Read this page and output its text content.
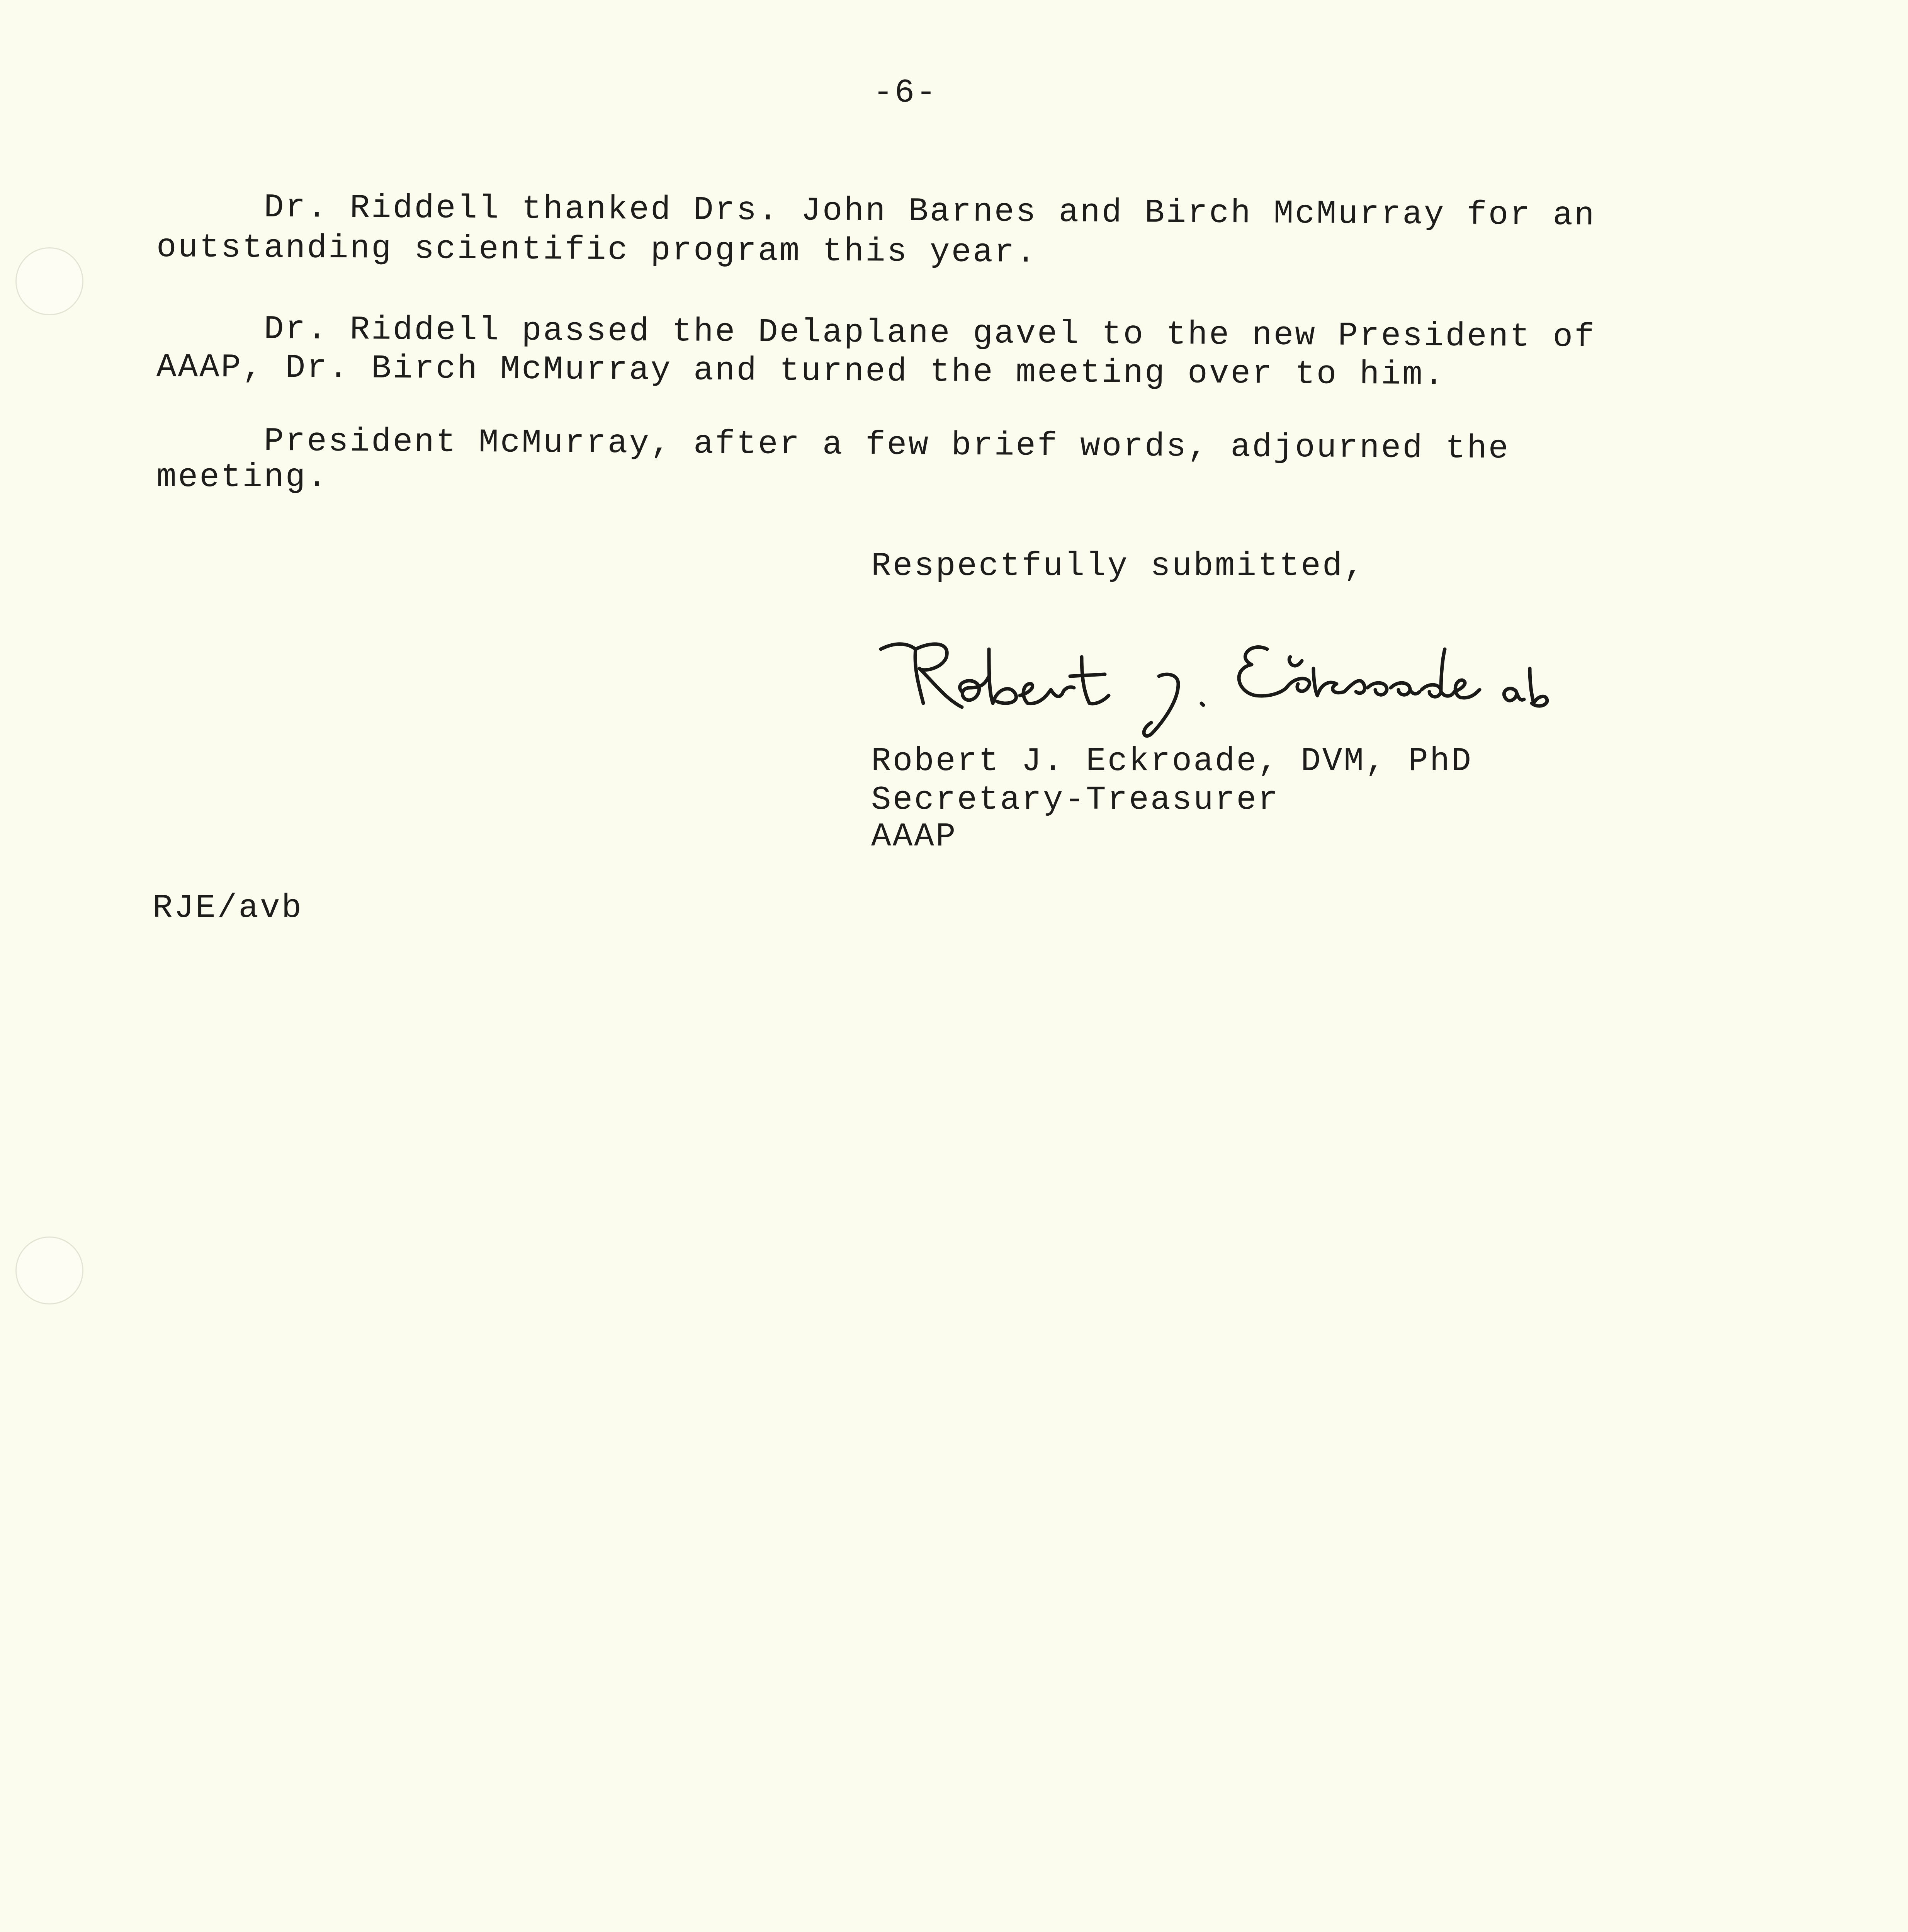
-6-
Dr. Riddell thanked Drs. John Barnes and Birch McMurray for an
outstanding scientific program this year.
Dr. Riddell passed the Delaplane gavel to the new President of
AAAP, Dr. Birch McMurray and turned the meeting over to him.
President McMurray, after a few brief words, adjourned the
meeting.
Respectfully submitted,
Robert J. Eckroade, DVM, PhD
Secretary-Treasurer
AAAP
RJE/avb
